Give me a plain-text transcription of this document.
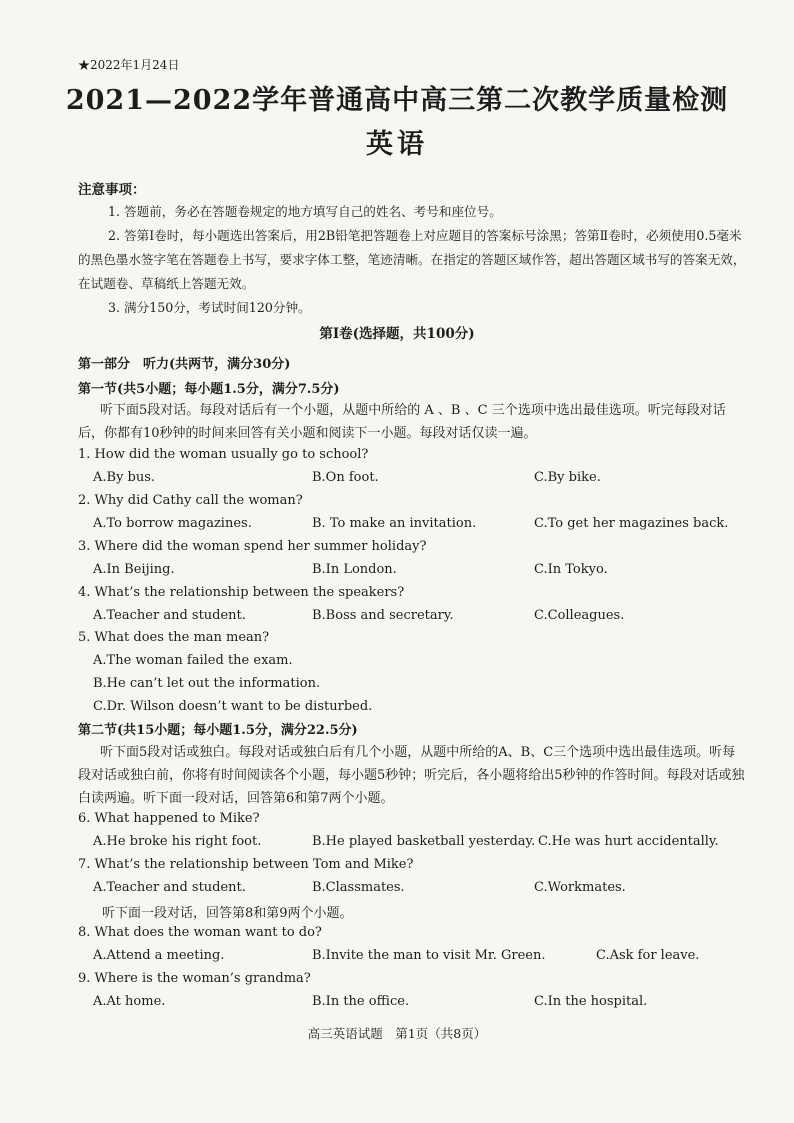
★2022年1月24日
2021—2022学年普通高中高三第二次教学质量检测
英语
注意事项：

1. 答题前，务必在答题卷规定的地方填写自己的姓名、考号和座位号。

2. 答第Ⅰ卷时，每小题选出答案后，用2B铅笔把答题卷上对应题目的答案标号涂黑；答第Ⅱ卷时，必须使用0.5毫米的黑色墨水签字笔在答题卷上书写，要求字体工整，笔迹清晰。在指定的答题区域作答，超出答题区域书写的答案无效，在试题卷、草稿纸上答题无效。

3. 满分150分，考试时间120分钟。

第Ⅰ卷(选择题，共100分)
第一部分　听力(共两节，满分30分)
第一节(共5小题；每小题1.5分，满分7.5分)

听下面5段对话。每段对话后有一个小题，从题中所给的 A 、B 、C 三个选项中选出最佳选项。听完每段对话后，你都有10秒钟的时间来回答有关小题和阅读下一小题。每段对话仅读一遍。

1. How did the woman usually go to school?
A.By bus.	B.On foot.	C.By bike.
2. Why did Cathy call the woman?
A.To borrow magazines.	B. To make an invitation.	C.To get her magazines back.
3. Where did the woman spend her summer holiday?
A.In Beijing.	B.In London.	C.In Tokyo.
4. What’s the relationship between the speakers?
A.Teacher and student.	B.Boss and secretary.	C.Colleagues.
5. What does the man mean?
A.The woman failed the exam.
B.He can’t let out the information.
C.Dr. Wilson doesn’t want to be disturbed.
第二节(共15小题；每小题1.5分，满分22.5分)

听下面5段对话或独白。每段对话或独白后有几个小题，从题中所给的A、B、C三个选项中选出最佳选项。听每段对话或独白前，你将有时间阅读各个小题，每小题5秒钟；听完后，各小题将给出5秒钟的作答时间。每段对话或独白读两遍。听下面一段对话，回答第6和第7两个小题。

6. What happened to Mike?
A.He broke his right foot.	B.He played basketball yesterday. C.He was hurt accidentally.
7. What’s the relationship between Tom and Mike?
A.Teacher and student.	B.Classmates.	C.Workmates.
听下面一段对话，回答第8和第9两个小题。
8. What does the woman want to do?
A.Attend a meeting.	B.Invite the man to visit Mr. Green.	C.Ask for leave.
9. Where is the woman’s grandma?
A.At home.	B.In the office.	C.In the hospital.
高三英语试题　第1页（共8页）
